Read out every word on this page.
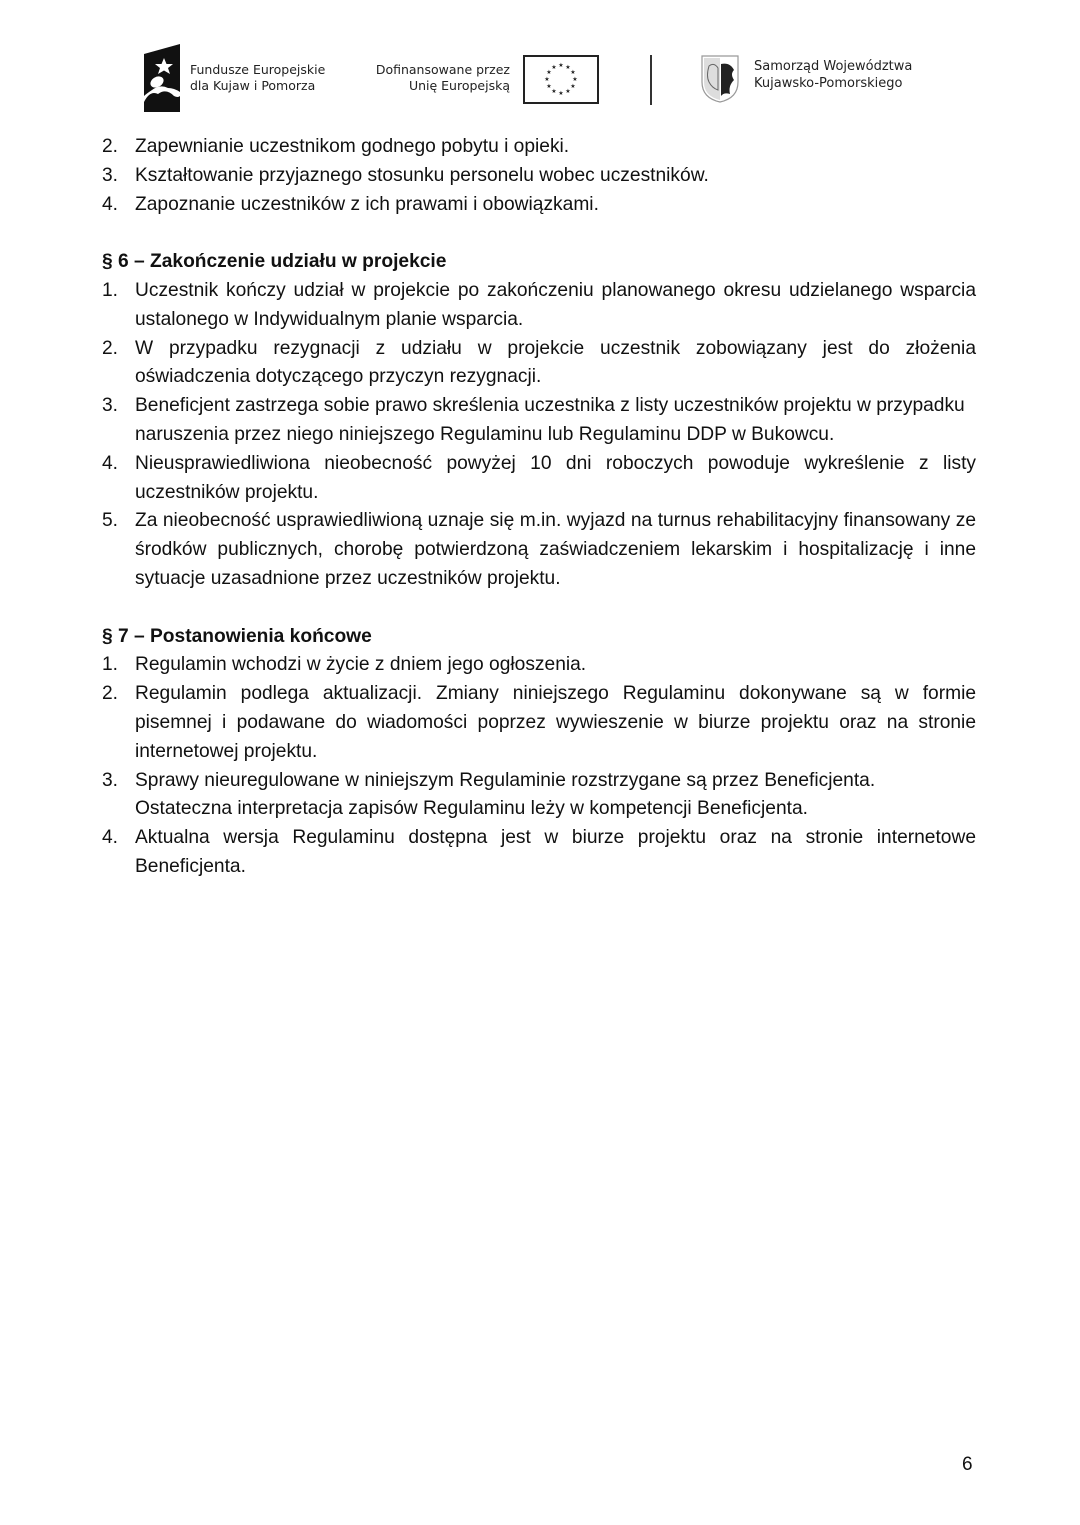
Fundusze Europejskie
dla Kujaw i Pomorza
Dofinansowane przez
Unię Europejską
★ ★
★
★
★
★
★
★
★
★
★
★	Samorząd Województwa
Kujawsko-Pomorskiego
2. Zapewnianie uczestnikom godnego pobytu i opieki.
3. Kształtowanie przyjaznego stosunku personelu wobec uczestników.
4. Zapoznanie uczestników z ich prawami i obowiązkami.
§ 6 – Zakończenie udziału w projekcie
1. Uczestnik kończy udział w projekcie po zakończeniu planowanego okresu udzielanego wsparcia ustalonego w Indywidualnym planie wsparcia.
2. W przypadku rezygnacji z udziału w projekcie uczestnik zobowiązany jest do złożenia oświadczenia dotyczącego przyczyn rezygnacji.
3. Beneficjent zastrzega sobie prawo skreślenia uczestnika z listy uczestników projektu w przypadku naruszenia przez niego niniejszego Regulaminu lub Regulaminu DDP w Bukowcu.
4. Nieusprawiedliwiona nieobecność powyżej 10 dni roboczych powoduje wykreślenie z listy uczestników projektu.
5. Za nieobecność usprawiedliwioną uznaje się m.in. wyjazd na turnus rehabilitacyjny finansowany ze środków publicznych, chorobę potwierdzoną zaświadczeniem lekarskim i hospitalizację i inne sytuacje uzasadnione przez uczestników projektu.
§ 7 – Postanowienia końcowe
1. Regulamin wchodzi w życie z dniem jego ogłoszenia.
2. Regulamin podlega aktualizacji. Zmiany niniejszego Regulaminu dokonywane są w formie pisemnej i podawane do wiadomości poprzez wywieszenie w biurze projektu oraz na stronie internetowej projektu.
3. Sprawy nieuregulowane w niniejszym Regulaminie rozstrzygane są przez Beneficjenta. Ostateczna interpretacja zapisów Regulaminu leży w kompetencji Beneficjenta.
4. Aktualna wersja Regulaminu dostępna jest w biurze projektu oraz na stronie internetowe Beneficjenta.
6
